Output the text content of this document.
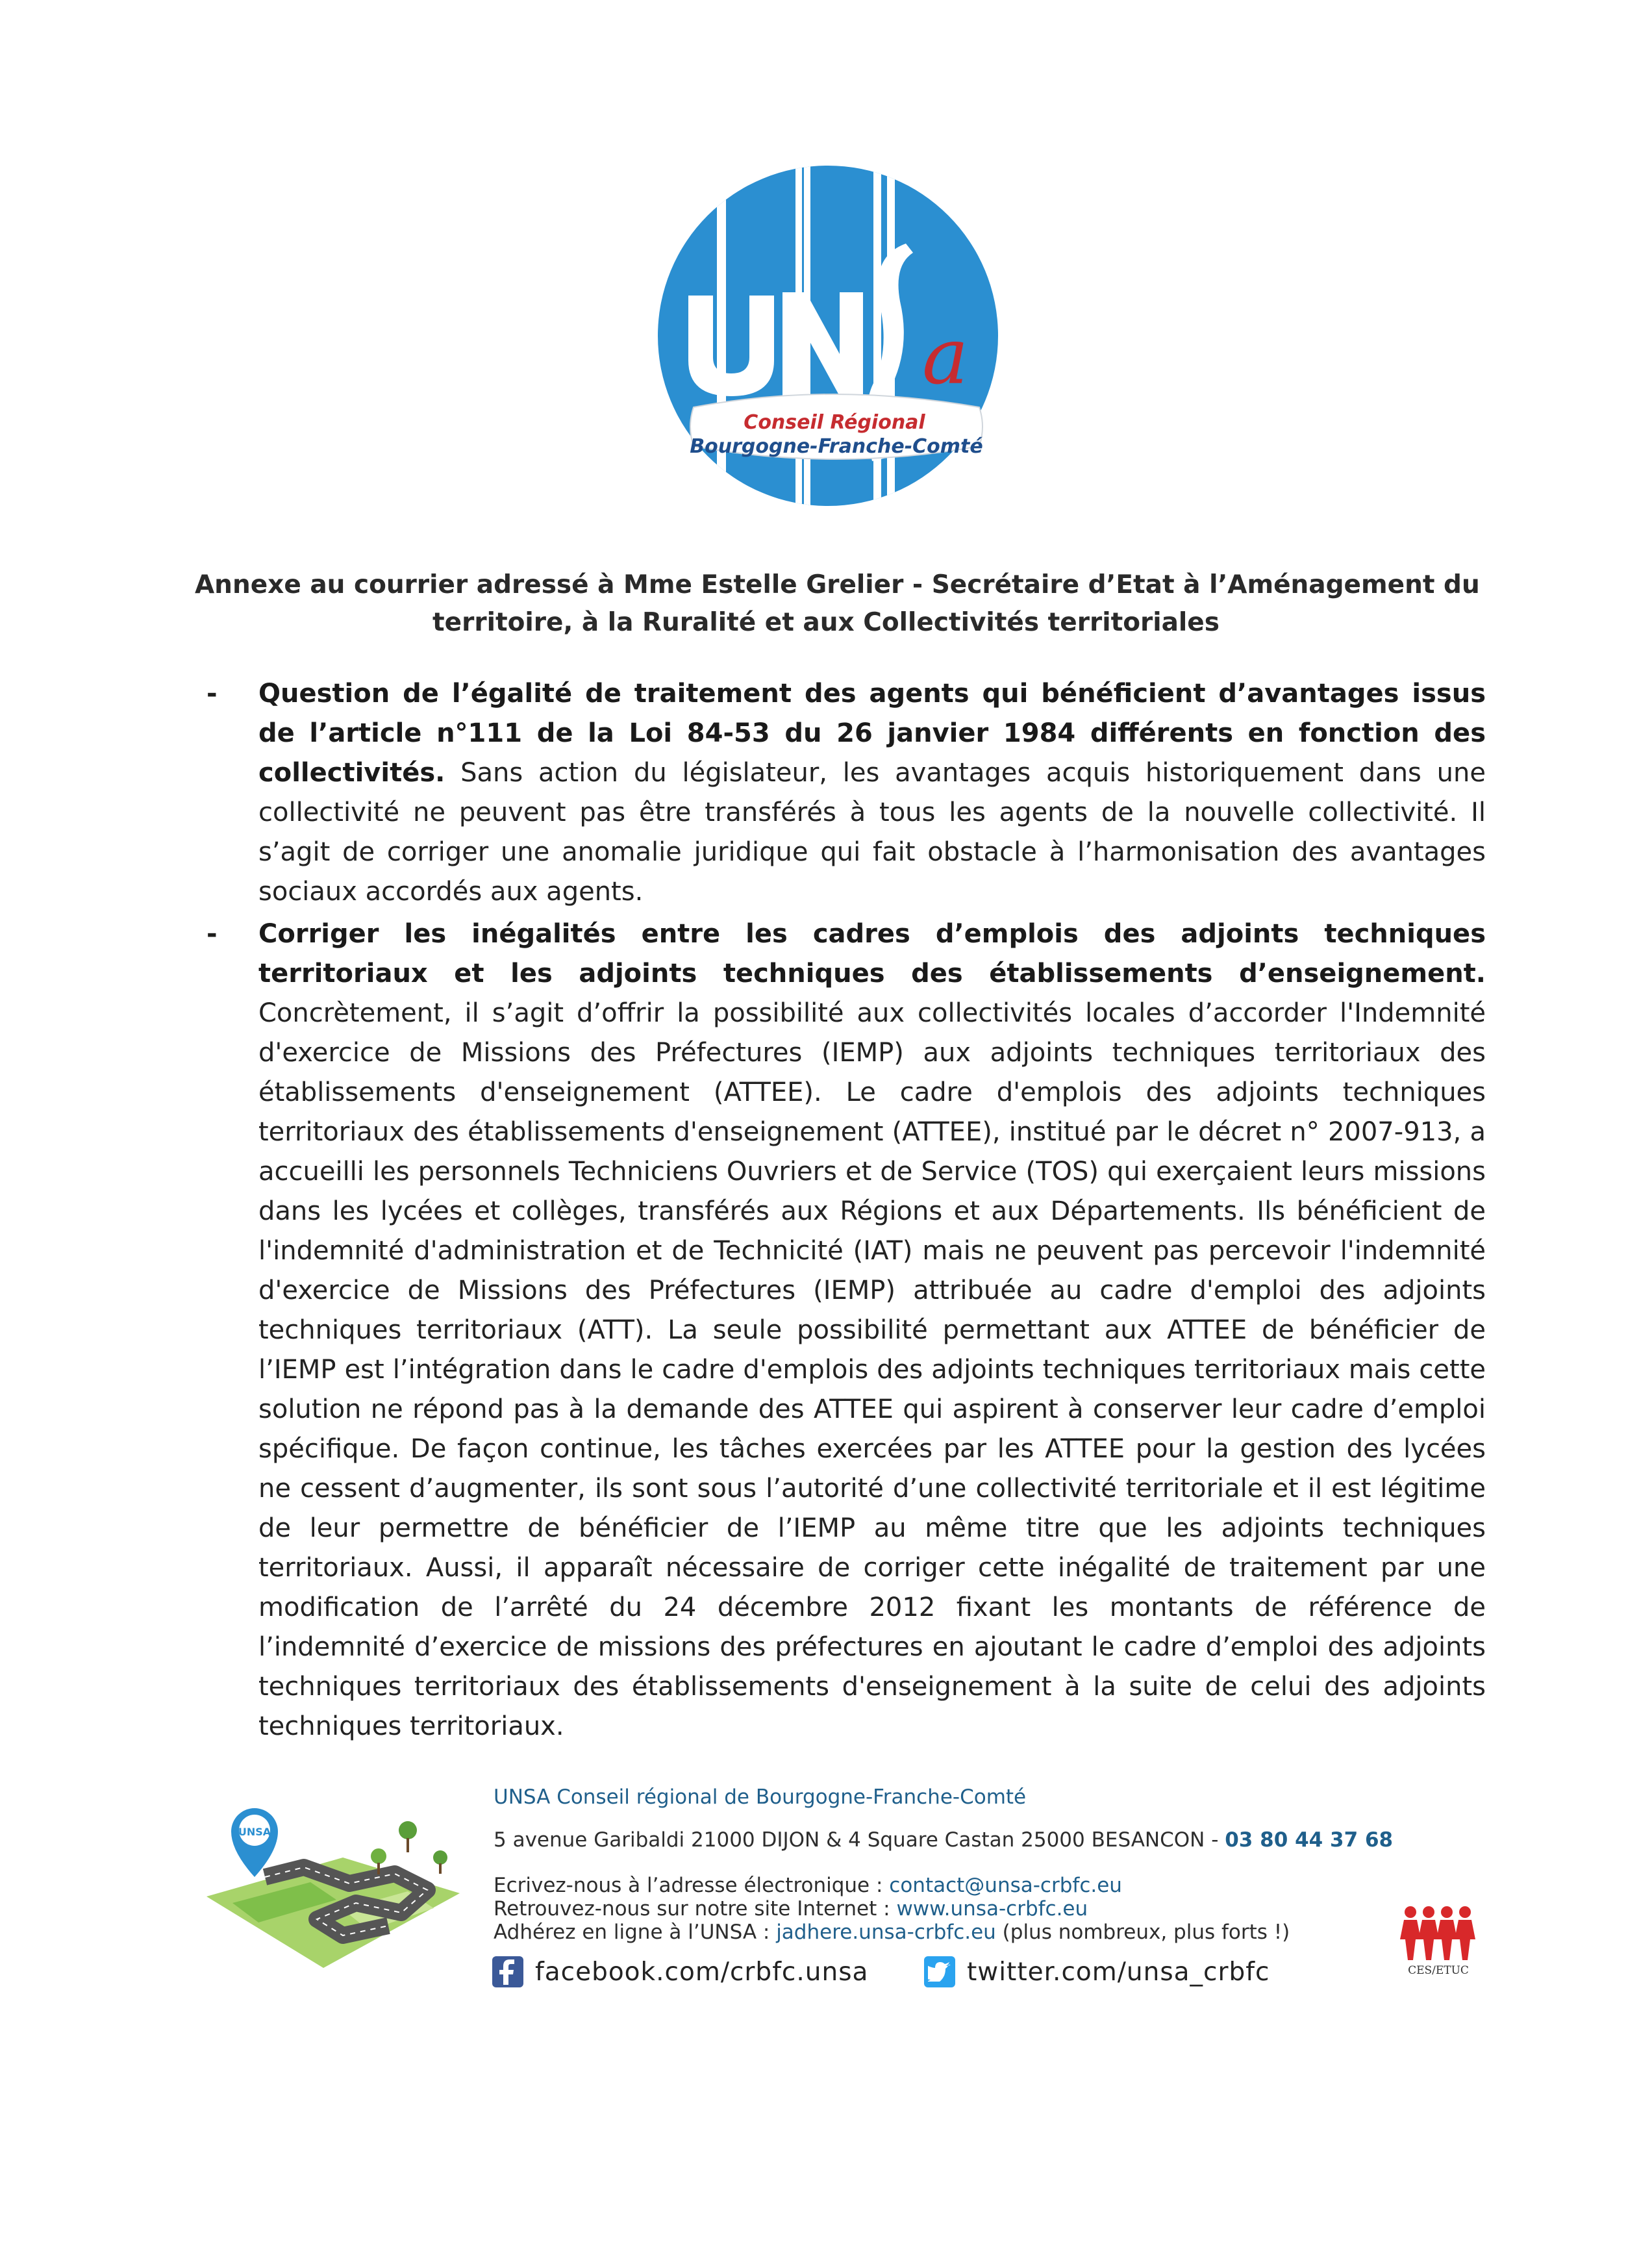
a
Conseil Régional
Bourgogne-Franche-Comté
Annexe au courrier adressé à Mme Estelle Grelier - Secrétaire d’Etat à l’Aménagement du
territoire, à la Ruralité et aux Collectivités territoriales
- Question de l’égalité de traitement des agents qui bénéficient d’avantages issus de l’article n°111 de la Loi 84-53 du 26 janvier 1984 différents en fonction des collectivités. Sans action du législateur, les avantages acquis historiquement dans une collectivité ne peuvent pas être transférés à tous les agents de la nouvelle collectivité. Il s’agit de corriger une anomalie juridique qui fait obstacle à l’harmonisation des avantages sociaux accordés aux agents.
- Corriger les inégalités entre les cadres d’emplois des adjoints techniques territoriaux et les adjoints techniques des établissements d’enseignement. Concrètement, il s’agit d’offrir la possibilité aux collectivités locales d’accorder l'Indemnité d'exercice de Missions des Préfectures (IEMP) aux adjoints techniques territoriaux des établissements d'enseignement (ATTEE). Le cadre d'emplois des adjoints techniques territoriaux des établissements d'enseignement (ATTEE), institué par le décret n° 2007-913, a accueilli les personnels Techniciens Ouvriers et de Service (TOS) qui exerçaient leurs missions dans les lycées et collèges, transférés aux Régions et aux Départements. Ils bénéficient de l'indemnité d'administration et de Technicité (IAT) mais ne peuvent pas percevoir l'indemnité d'exercice de Missions des Préfectures (IEMP) attribuée au cadre d'emploi des adjoints techniques territoriaux (ATT). La seule possibilité permettant aux ATTEE de bénéficier de l’IEMP est l’intégration dans le cadre d'emplois des adjoints techniques territoriaux mais cette solution ne répond pas à la demande des ATTEE qui aspirent à conserver leur cadre d’emploi spécifique. De façon continue, les tâches exercées par les ATTEE pour la gestion des lycées ne cessent d’augmenter, ils sont sous l’autorité d’une collectivité territoriale et il est légitime de leur permettre de bénéficier de l’IEMP au même titre que les adjoints techniques territoriaux. Aussi, il apparaît nécessaire de corriger cette inégalité de traitement par une modification de l’arrêté du 24 décembre 2012 fixant les montants de référence de l’indemnité d’exercice de missions des préfectures en ajoutant le cadre d’emploi des adjoints techniques territoriaux des établissements d'enseignement à la suite de celui des adjoints techniques territoriaux.
UNSA
UNSA Conseil régional de Bourgogne-Franche-Comté
5 avenue Garibaldi 21000 DIJON & 4 Square Castan 25000 BESANCON - 03 80 44 37 68
Ecrivez-nous à l’adresse électronique : contact@unsa-crbfc.eu
Retrouvez-nous sur notre site Internet : www.unsa-crbfc.eu
Adhérez en ligne à l’UNSA : jadhere.unsa-crbfc.eu (plus nombreux, plus forts !)
facebook.com/crbfc.unsa	twitter.com/unsa_crbfc	CES/ETUC
